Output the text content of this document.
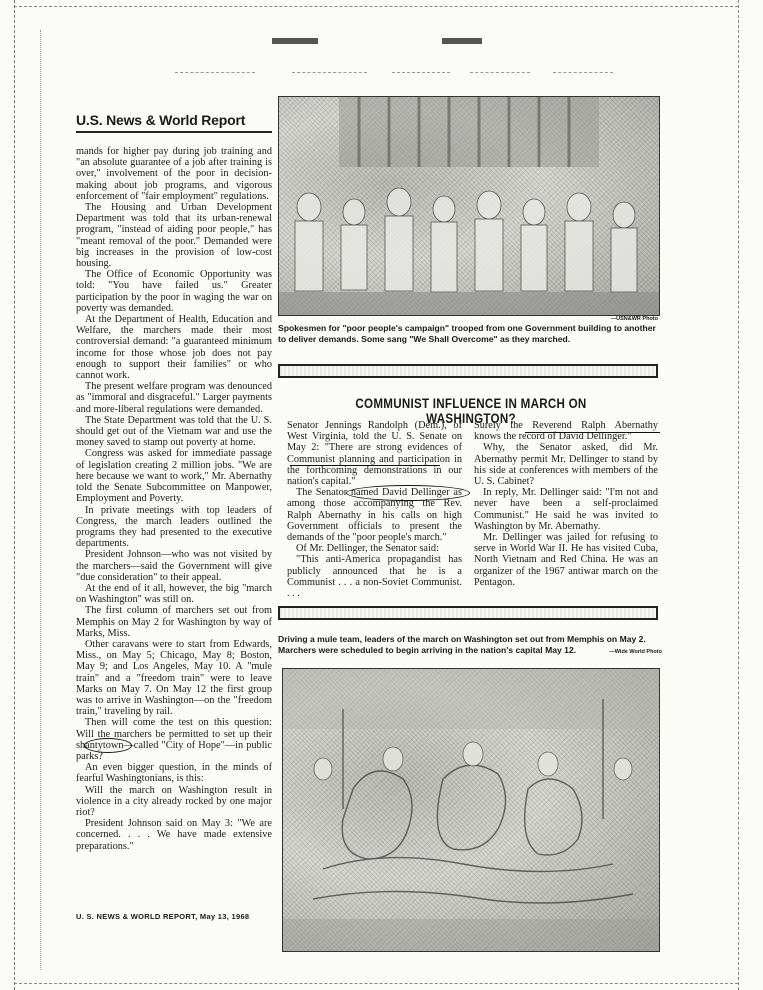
U.S. News & World Report

mands for higher pay during job training and "an absolute guarantee of a job after training is over," involvement of the poor in decision-making about job programs, and vigorous enforcement of "fair employment" regulations.

The Housing and Urban Development Department was told that its urban-renewal program, "instead of aiding poor people," has "meant removal of the poor." Demanded were big increases in the provision of low-cost housing.

The Office of Economic Opportunity was told: "You have failed us." Greater participation by the poor in waging the war on poverty was demanded.

At the Department of Health, Education and Welfare, the marchers made their most controversial demand: "a guaranteed minimum income for those whose job does not pay enough to support their families" or who cannot work.

The present welfare program was denounced as "immoral and disgraceful." Larger payments and more-liberal regulations were demanded.

The State Department was told that the U. S. should get out of the Vietnam war and use the money saved to stamp out poverty at home.

Congress was asked for immediate passage of legislation creating 2 million jobs. "We are here because we want to work," Mr. Abernathy told the Senate Subcommittee on Manpower, Employment and Poverty.

In private meetings with top leaders of Congress, the march leaders outlined the programs they had presented to the executive departments.

President Johnson—who was not visited by the marchers—said the Government will give "due consideration" to their appeal.

At the end of it all, however, the big "march on Washington" was still on.

The first column of marchers set out from Memphis on May 2 for Washington by way of Marks, Miss.

Other caravans were to start from Edwards, Miss., on May 5; Chicago, May 8; Boston, May 9; and Los Angeles, May 10. A "mule train" and a "freedom train" were to leave Marks on May 7. On May 12 the first group was to arrive in Washington—on the "freedom train," traveling by rail.

Then will come the test on this question: Will the marchers be permitted to set up their shantytown—called "City of Hope"—in public parks?

An even bigger question, in the minds of fearful Washingtonians, is this:

Will the march on Washington result in violence in a city already rocked by one major riot?

President Johnson said on May 3: "We are concerned. . . . We have made extensive preparations."

U. S. NEWS & WORLD REPORT, May 13, 1968
—USN&WR Photo
Spokesmen for "poor people's campaign" trooped from one Government building to another to deliver demands. Some sang "We Shall Overcome" as they marched.
COMMUNIST INFLUENCE IN MARCH ON WASHINGTON?

Senator Jennings Randolph (Dem.), of West Virginia, told the U. S. Senate on May 2: "There are strong evidences of Communist planning and participation in the forthcoming demonstrations in our nation's capital."

The Senator named David Dellinger as among those accompanying the Rev. Ralph Abernathy in his calls on high Government officials to present the demands of the "poor people's march."

Of Mr. Dellinger, the Senator said:

"This anti-America propagandist has publicly announced that he is a Communist . . . a non-Soviet Communist. . . .

Surely the Reverend Ralph Abernathy knows the record of David Dellinger."

Why, the Senator asked, did Mr. Abernathy permit Mr. Dellinger to stand by his side at conferences with members of the U. S. Cabinet?

In reply, Mr. Dellinger said: "I'm not and never have been a self-proclaimed Communist." He said he was invited to Washington by Mr. Abernathy.

Mr. Dellinger was jailed for refusing to serve in World War II. He has visited Cuba, North Vietnam and Red China. He was an organizer of the 1967 antiwar march on the Pentagon.

Driving a mule team, leaders of the march on Washington set out from Memphis on May 2. Marchers were scheduled to begin arriving in the nation's capital May 12.	—Wide World Photo
